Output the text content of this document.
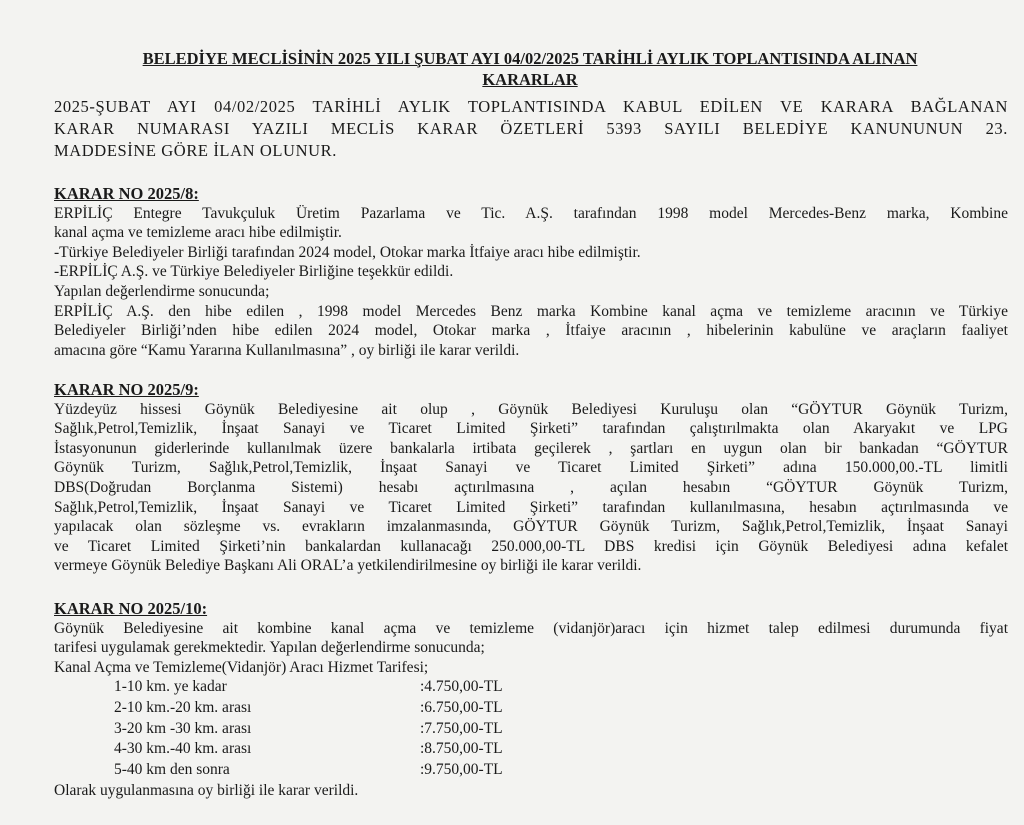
BELEDİYE MECLİSİNİN 2025 YILI ŞUBAT AYI 04/02/2025 TARİHLİ AYLIK TOPLANTISINDA ALINAN
KARARLAR
2025-ŞUBAT AYI 04/02/2025 TARİHLİ AYLIK TOPLANTISINDA KABUL EDİLEN VE KARARA BAĞLANAN
KARAR NUMARASI YAZILI MECLİS KARAR ÖZETLERİ 5393 SAYILI BELEDİYE KANUNUNUN 23.
MADDESİNE GÖRE İLAN OLUNUR.
KARAR NO 2025/8:
ERPİLİÇ Entegre Tavukçuluk Üretim Pazarlama ve Tic. A.Ş. tarafından 1998 model Mercedes-Benz marka, Kombine
kanal açma ve temizleme aracı hibe edilmiştir.
-Türkiye Belediyeler Birliği tarafından 2024 model, Otokar marka İtfaiye aracı hibe edilmiştir.
-ERPİLİÇ A.Ş. ve Türkiye Belediyeler Birliğine teşekkür edildi.
Yapılan değerlendirme sonucunda;
ERPİLİÇ A.Ş. den hibe edilen , 1998 model Mercedes Benz marka Kombine kanal açma ve temizleme aracının ve Türkiye
Belediyeler Birliği’nden hibe edilen 2024 model, Otokar marka , İtfaiye aracının , hibelerinin kabulüne ve araçların faaliyet
amacına göre “Kamu Yararına Kullanılmasına” , oy birliği ile karar verildi.
KARAR NO 2025/9:
Yüzdeyüz hissesi Göynük Belediyesine ait olup , Göynük Belediyesi Kuruluşu olan “GÖYTUR Göynük Turizm,
Sağlık,Petrol,Temizlik, İnşaat Sanayi ve Ticaret Limited Şirketi” tarafından çalıştırılmakta olan Akaryakıt ve LPG
İstasyonunun giderlerinde kullanılmak üzere bankalarla irtibata geçilerek , şartları en uygun olan bir bankadan “GÖYTUR
Göynük Turizm, Sağlık,Petrol,Temizlik, İnşaat Sanayi ve Ticaret Limited Şirketi” adına 150.000,00.-TL limitli
DBS(Doğrudan Borçlanma Sistemi) hesabı açtırılmasına , açılan hesabın “GÖYTUR Göynük Turizm,
Sağlık,Petrol,Temizlik, İnşaat Sanayi ve Ticaret Limited Şirketi” tarafından kullanılmasına, hesabın açtırılmasında ve
yapılacak olan sözleşme vs. evrakların imzalanmasında, GÖYTUR Göynük Turizm, Sağlık,Petrol,Temizlik, İnşaat Sanayi
ve Ticaret Limited Şirketi’nin bankalardan kullanacağı 250.000,00-TL DBS kredisi için Göynük Belediyesi adına kefalet
vermeye Göynük Belediye Başkanı Ali ORAL’a yetkilendirilmesine oy birliği ile karar verildi.
KARAR NO 2025/10:
Göynük Belediyesine ait kombine kanal açma ve temizleme (vidanjör)aracı için hizmet talep edilmesi durumunda fiyat
tarifesi uygulamak gerekmektedir. Yapılan değerlendirme sonucunda;
Kanal Açma ve Temizleme(Vidanjör) Aracı Hizmet Tarifesi;
1-10 km. ye kadar	:4.750,00-TL
2-10 km.-20 km. arası	:6.750,00-TL
3-20 km -30 km. arası	:7.750,00-TL
4-30 km.-40 km. arası	:8.750,00-TL
5-40 km den sonra	:9.750,00-TL
Olarak uygulanmasına oy birliği ile karar verildi.
